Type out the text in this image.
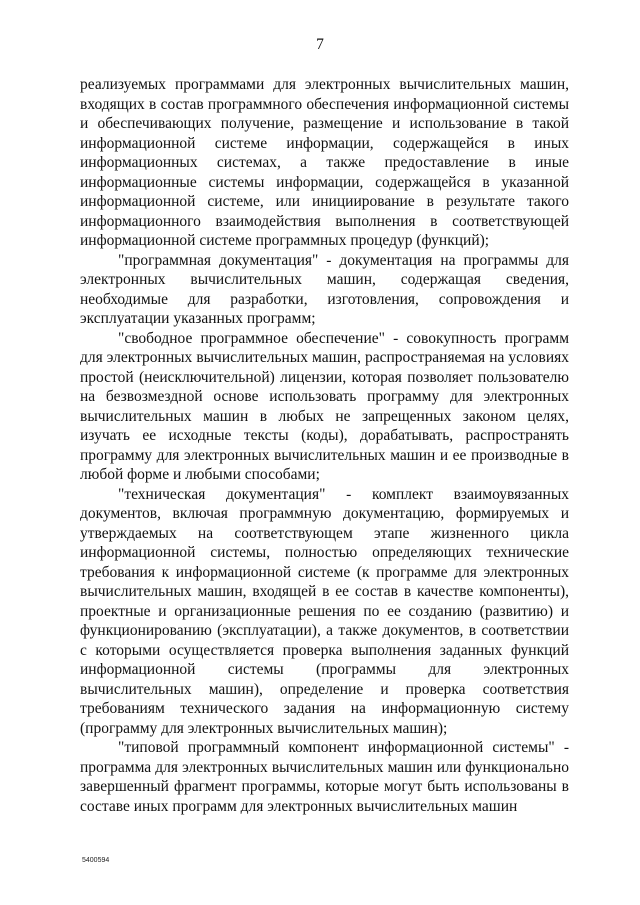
7

реализуемых программами для электронных вычислительных машин, входящих в состав программного обеспечения информационной системы и обеспечивающих получение, размещение и использование в такой информационной системе информации, содержащейся в иных информационных системах, а также предоставление в иные информационные системы информации, содержащейся в указанной информационной системе, или инициирование в результате такого информационного взаимодействия выполнения в соответствующей информационной системе программных процедур (функций);

"программная документация" - документация на программы для электронных вычислительных машин, содержащая сведения, необходимые для разработки, изготовления, сопровождения и эксплуатации указанных программ;

"свободное программное обеспечение" - совокупность программ для электронных вычислительных машин, распространяемая на условиях простой (неисключительной) лицензии, которая позволяет пользователю на безвозмездной основе использовать программу для электронных вычислительных машин в любых не запрещенных законом целях, изучать ее исходные тексты (коды), дорабатывать, распространять программу для электронных вычислительных машин и ее производные в любой форме и любыми способами;

"техническая документация" - комплект взаимоувязанных документов, включая программную документацию, формируемых и утверждаемых на соответствующем этапе жизненного цикла информационной системы, полностью определяющих технические требования к информационной системе (к программе для электронных вычислительных машин, входящей в ее состав в качестве компоненты), проектные и организационные решения по ее созданию (развитию) и функционированию (эксплуатации), а также документов, в соответствии с которыми осуществляется проверка выполнения заданных функций информационной системы (программы для электронных вычислительных машин), определение и проверка соответствия требованиям технического задания на информационную систему (программу для электронных вычислительных машин);

"типовой программный компонент информационной системы" - программа для электронных вычислительных машин или функционально завершенный фрагмент программы, которые могут быть использованы в составе иных программ для электронных вычислительных машин

5400594
